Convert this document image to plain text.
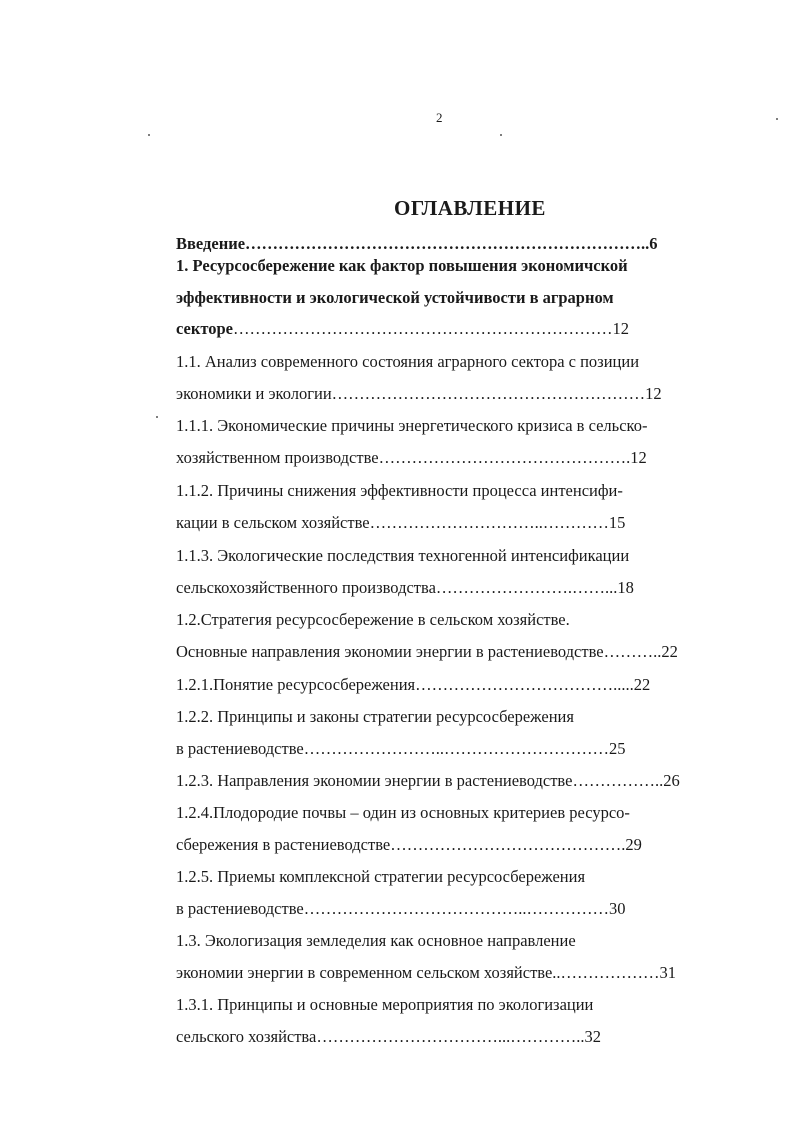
2
ОГЛАВЛЕНИЕ
Введение………………………………………………………………..6
1. Ресурсосбережение как фактор повышения экономичской
эффективности и экологической устойчивости в аграрном
секторе……………………………………………………………12
1.1. Анализ современного состояния аграрного сектора с позиции
экономики и экологии…………………………………………………12
1.1.1. Экономические причины энергетического кризиса в сельско-
хозяйственном производстве……………………………………….12
1.1.2. Причины снижения эффективности процесса интенсифи-
кации в сельском хозяйстве…………………………..…………15
1.1.3. Экологические последствия техногенной интенсификации
сельскохозяйственного производства…………………….……...18
1.2.Стратегия ресурсосбережение в сельском хозяйстве.
Основные направления экономии энергии в растениеводстве………..22
1.2.1.Понятие ресурсосбережения……………………………….....22
1.2.2. Принципы и законы стратегии ресурсосбережения
в растениеводстве……………………..…………………………25
1.2.3. Направления экономии энергии в растениеводстве……………..26
1.2.4.Плодородие почвы – один из основных критериев ресурсо-
сбережения в растениеводстве…………………………………….29
1.2.5. Приемы комплексной стратегии ресурсосбережения
в растениеводстве…………………………………..……………30
1.3. Экологизация земледелия как основное направление
экономии энергии в современном сельском хозяйстве..………………31
1.3.1. Принципы и основные мероприятия по экологизации
сельского хозяйства……………………………...…………..32
